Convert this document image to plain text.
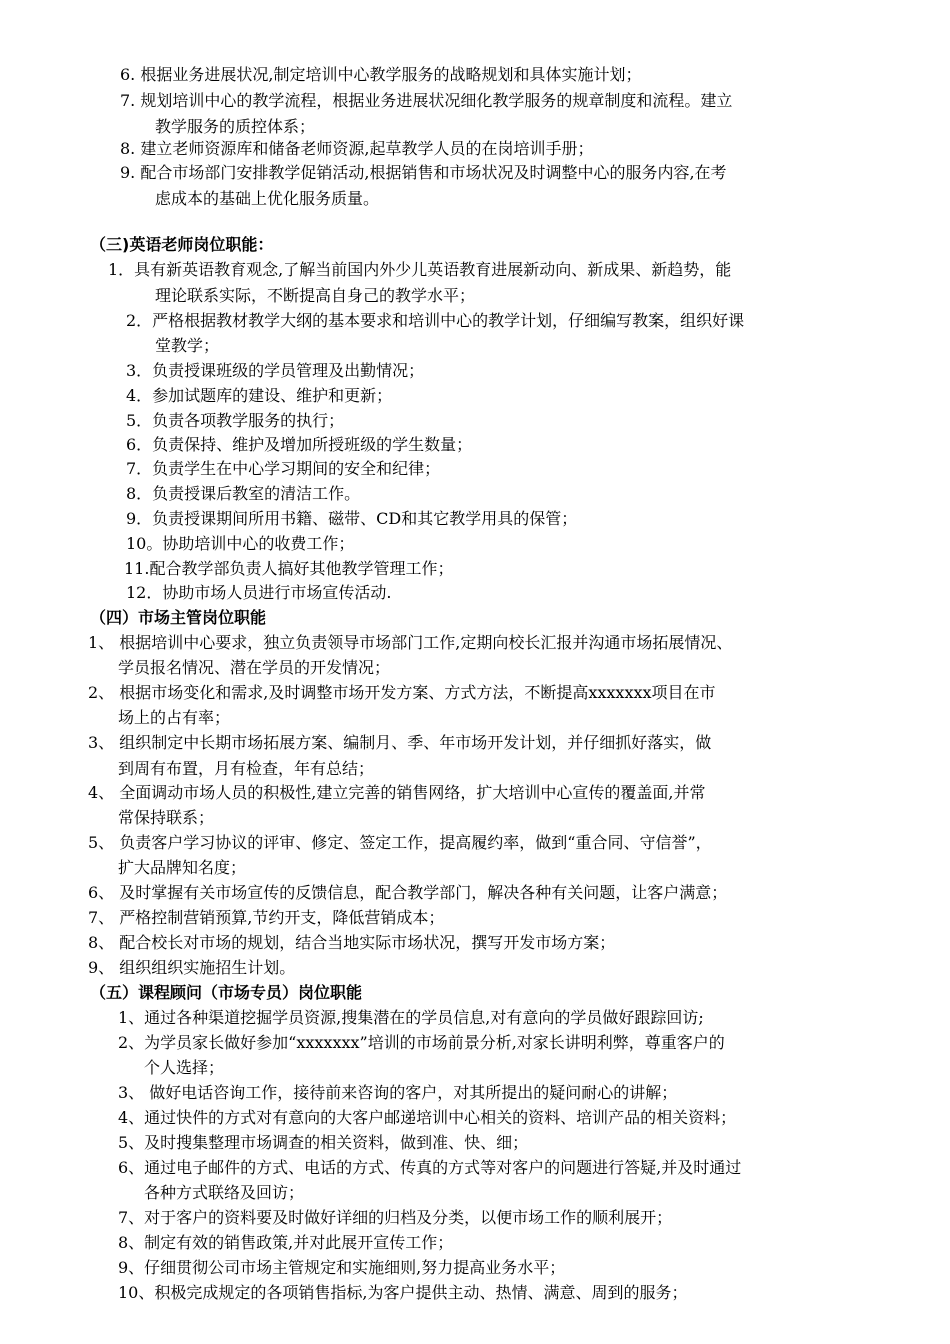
6. 根据业务进展状况,制定培训中心教学服务的战略规划和具体实施计划；
7. 规划培训中心的教学流程，根据业务进展状况细化教学服务的规章制度和流程。建立
教学服务的质控体系；
8. 建立老师资源库和储备老师资源,起草教学人员的在岗培训手册；
9. 配合市场部门安排教学促销活动,根据销售和市场状况及时调整中心的服务内容,在考
虑成本的基础上优化服务质量。
（三)英语老师岗位职能：
1．具有新英语教育观念,了解当前国内外少儿英语教育进展新动向、新成果、新趋势，能
理论联系实际，不断提高自身己的教学水平；
2．严格根据教材教学大纲的基本要求和培训中心的教学计划，仔细编写教案，组织好课
堂教学；
3．负责授课班级的学员管理及出勤情况；
4．参加试题库的建设、维护和更新；
5．负责各项教学服务的执行；
6．负责保持、维护及增加所授班级的学生数量；
7．负责学生在中心学习期间的安全和纪律；
8．负责授课后教室的清洁工作。
9．负责授课期间所用书籍、磁带、CD和其它教学用具的保管；
10。协助培训中心的收费工作；
11.配合教学部负责人搞好其他教学管理工作；
12．协助市场人员进行市场宣传活动.
（四）市场主管岗位职能
1、 根据培训中心要求，独立负责领导市场部门工作,定期向校长汇报并沟通市场拓展情况、
学员报名情况、潜在学员的开发情况；
2、 根据市场变化和需求,及时调整市场开发方案、方式方法，不断提高xxxxxxx项目在市
场上的占有率；
3、 组织制定中长期市场拓展方案、编制月、季、年市场开发计划，并仔细抓好落实，做
到周有布置，月有检查，年有总结；
4、 全面调动市场人员的积极性,建立完善的销售网络，扩大培训中心宣传的覆盖面,并常
常保持联系；
5、 负责客户学习协议的评审、修定、签定工作，提高履约率，做到“重合同、守信誉”，
扩大品牌知名度；
6、 及时掌握有关市场宣传的反馈信息，配合教学部门，解决各种有关问题，让客户满意；
7、 严格控制营销预算,节约开支，降低营销成本；
8、 配合校长对市场的规划，结合当地实际市场状况，撰写开发市场方案；
9、 组织组织实施招生计划。
（五）课程顾问（市场专员）岗位职能
1、通过各种渠道挖掘学员资源,搜集潜在的学员信息,对有意向的学员做好跟踪回访;
2、为学员家长做好参加“xxxxxxx”培训的市场前景分析,对家长讲明利弊，尊重客户的
个人选择；
3、 做好电话咨询工作，接待前来咨询的客户，对其所提出的疑问耐心的讲解；
4、通过快件的方式对有意向的大客户邮递培训中心相关的资料、培训产品的相关资料；
5、及时搜集整理市场调查的相关资料，做到准、快、细；
6、通过电子邮件的方式、电话的方式、传真的方式等对客户的问题进行答疑,并及时通过
各种方式联络及回访；
7、对于客户的资料要及时做好详细的归档及分类，以便市场工作的顺利展开；
8、制定有效的销售政策,并对此展开宣传工作；
9、仔细贯彻公司市场主管规定和实施细则,努力提高业务水平；
10、积极完成规定的各项销售指标,为客户提供主动、热情、满意、周到的服务；
